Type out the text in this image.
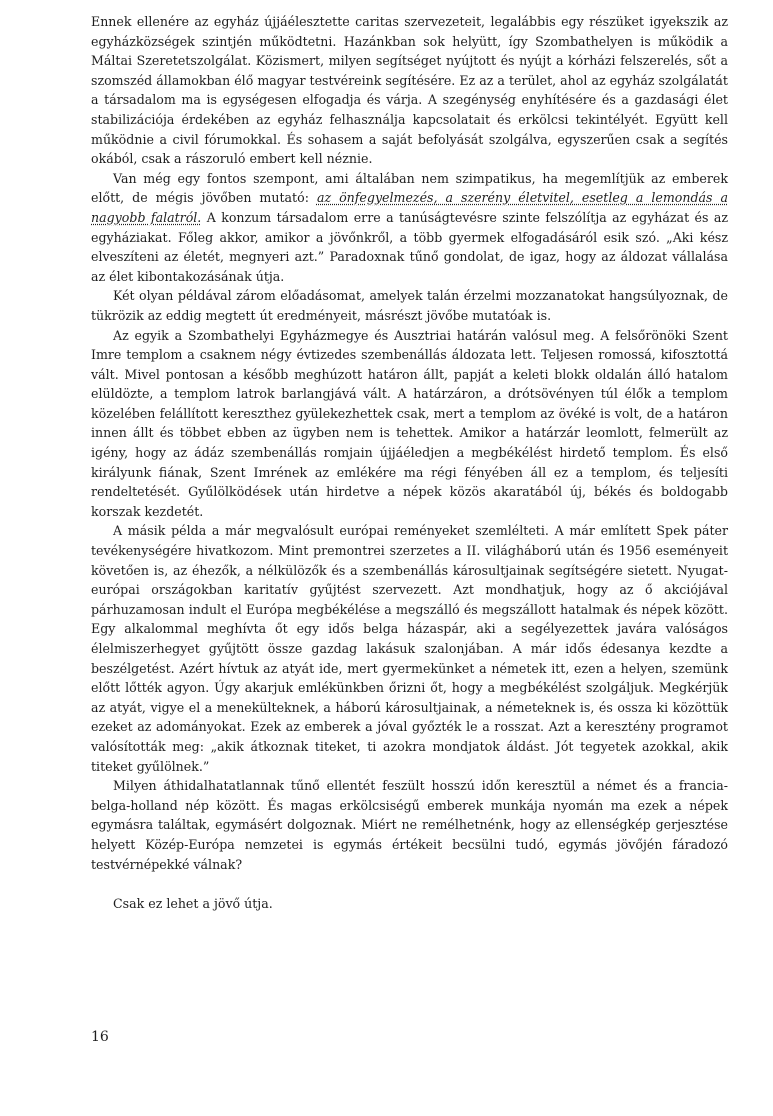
Ennek ellenére az egyház újjáélesztette caritas szervezeteit, legalábbis egy részüket igyekszik az egyházközségek szintjén működtetni. Hazánkban sok helyütt, így Szombathelyen is működik a Máltai Szeretetszolgálat. Közismert, milyen segítséget nyújtott és nyújt a kórházi felszerelés, sőt a szomszéd államokban élő magyar testvéreink segítésére. Ez az a terület, ahol az egyház szolgálatát a társadalom ma is egységesen elfogadja és várja. A szegénység enyhítésére és a gazdasági élet stabilizációja érdekében az egyház felhasználja kapcsolatait és erkölcsi tekintélyét. Együtt kell működnie a civil fórumokkal. És sohasem a saját befolyását szolgálva, egyszerűen csak a segítés okából, csak a rászoruló embert kell néznie.

Van még egy fontos szempont, ami általában nem szimpatikus, ha megemlítjük az emberek előtt, de mégis jövőben mutató: az önfegyelmezés, a szerény életvitel, esetleg a lemondás a nagyobb falatról. A konzum társadalom erre a tanúságtevésre szinte felszólítja az egyházat és az egyháziakat. Főleg akkor, amikor a jövőnkről, a több gyermek elfogadásáról esik szó. „Aki kész elveszíteni az életét, megnyeri azt.” Paradoxnak tűnő gondolat, de igaz, hogy az áldozat vállalása az élet kibontakozásának útja.

Két olyan példával zárom előadásomat, amelyek talán érzelmi mozzanatokat hangsúlyoznak, de tükrözik az eddig megtett út eredményeit, másrészt jövőbe mutatóak is.

Az egyik a Szombathelyi Egyházmegye és Ausztriai határán valósul meg. A felsőrönöki Szent Imre templom a csaknem négy évtizedes szembenállás áldozata lett. Teljesen romossá, kifosztottá vált. Mivel pontosan a később meghúzott határon állt, papját a keleti blokk oldalán álló hatalom elüldözte, a templom latrok barlangjává vált. A határzáron, a drótsövényen túl élők a templom közelében felállított kereszthez gyülekezhettek csak, mert a templom az övéké is volt, de a határon innen állt és többet ebben az ügyben nem is tehettek. Amikor a határzár leomlott, felmerült az igény, hogy az ádáz szembenállás romjain újjáéledjen a megbékélést hirdető templom. És első királyunk fiának, Szent Imrének az emlékére ma régi fényében áll ez a templom, és teljesíti rendeltetését. Gyűlölködések után hirdetve a népek közös akaratából új, békés és boldogabb korszak kezdetét.

A másik példa a már megvalósult európai reményeket szemlélteti. A már említett Spek páter tevékenységére hivatkozom. Mint premontrei szerzetes a II. világháború után és 1956 eseményeit követően is, az éhezők, a nélkülözők és a szembenállás károsultjainak segítségére sietett. Nyugat-európai országokban karitatív gyűjtést szervezett. Azt mondhatjuk, hogy az ő akciójával párhuzamosan indult el Európa megbékélése a megszálló és megszállott hatalmak és népek között. Egy alkalommal meghívta őt egy idős belga házaspár, aki a segélyezettek javára valóságos élelmiszerhegyet gyűjtött össze gazdag lakásuk szalonjában. A már idős édesanya kezdte a beszélgetést. Azért hívtuk az atyát ide, mert gyermekünket a németek itt, ezen a helyen, szemünk előtt lőtték agyon. Úgy akarjuk emlékünkben őrizni őt, hogy a megbékélést szolgáljuk. Megkérjük az atyát, vigye el a menekülteknek, a háború károsultjainak, a németeknek is, és ossza ki közöttük ezeket az adományokat. Ezek az emberek a jóval győzték le a rosszat. Azt a keresztény programot valósították meg: „akik átkoznak titeket, ti azokra mondjatok áldást. Jót tegyetek azokkal, akik titeket gyűlölnek.”

Milyen áthidalhatatlannak tűnő ellentét feszült hosszú időn keresztül a német és a francia-belga-holland nép között. És magas erkölcsiségű emberek munkája nyomán ma ezek a népek egymásra találtak, egymásért dolgoznak. Miért ne remélhetnénk, hogy az ellenségkép gerjesztése helyett Közép-Európa nemzetei is egymás értékeit becsülni tudó, egymás jövőjén fáradozó testvérnépekké válnak?

Csak ez lehet a jövő útja.

16
